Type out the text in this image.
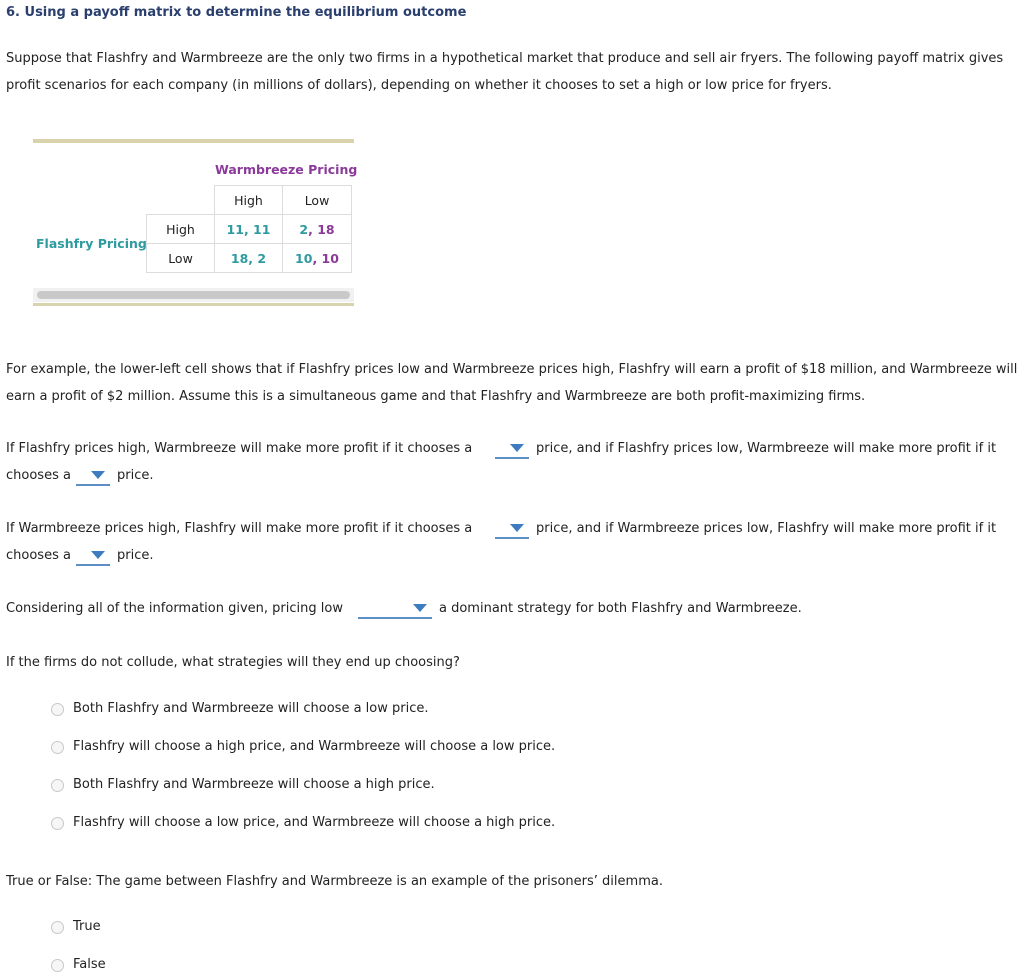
6. Using a payoff matrix to determine the equilibrium outcome
Suppose that Flashfry and Warmbreeze are the only two firms in a hypothetical market that produce and sell air fryers. The following payoff matrix gives profit scenarios for each company (in millions of dollars), depending on whether it chooses to set a high or low price for fryers.
Warmbreeze Pricing
Flashfry Pricing
	High	Low
High	11, 11	2, 18
Low	18, 2	10, 10
For example, the lower-left cell shows that if Flashfry prices low and Warmbreeze prices high, Flashfry will earn a profit of $18 million, and Warmbreeze will earn a profit of $2 million. Assume this is a simultaneous game and that Flashfry and Warmbreeze are both profit-maximizing firms.
If Flashfry prices high, Warmbreeze will make more profit if it chooses a	price, and if Flashfry prices low, Warmbreeze will make more profit if it
chooses a	price.
If Warmbreeze prices high, Flashfry will make more profit if it chooses a	price, and if Warmbreeze prices low, Flashfry will make more profit if it
chooses a	price.
Considering all of the information given, pricing low	a dominant strategy for both Flashfry and Warmbreeze.
If the firms do not collude, what strategies will they end up choosing?
Both Flashfry and Warmbreeze will choose a low price.
Flashfry will choose a high price, and Warmbreeze will choose a low price.
Both Flashfry and Warmbreeze will choose a high price.
Flashfry will choose a low price, and Warmbreeze will choose a high price.
True or False: The game between Flashfry and Warmbreeze is an example of the prisoners’ dilemma.
True
False
